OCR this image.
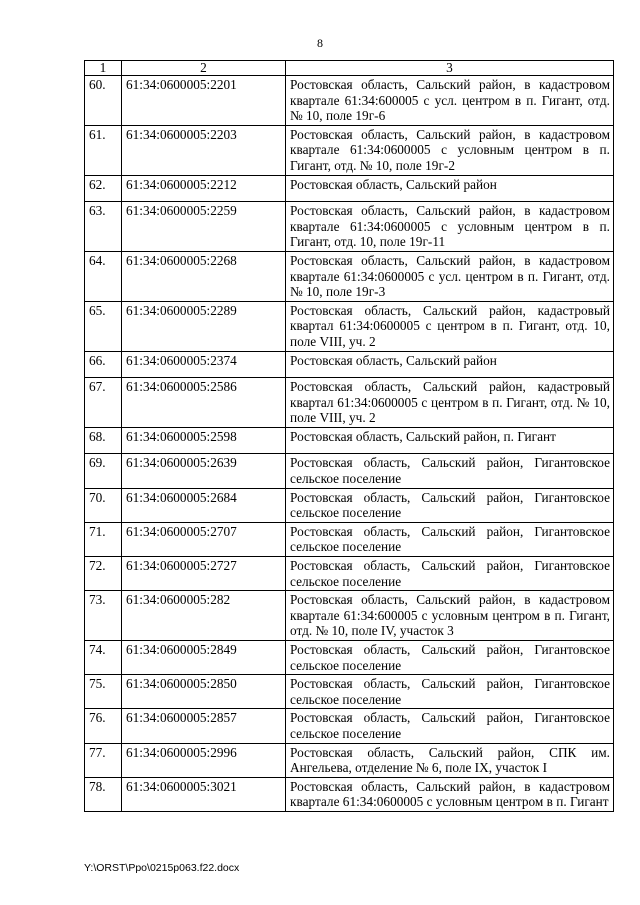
8
1	2	3
60.	61:34:0600005:2201	Ростовская область, Сальский район, в кадастровом квартале 61:34:600005 с усл. центром в п. Гигант, отд. № 10, поле 19г-6
61.	61:34:0600005:2203	Ростовская область, Сальский район, в кадастровом квартале 61:34:0600005 с условным центром в п. Гигант, отд. № 10, поле 19г-2
62.	61:34:0600005:2212	Ростовская область, Сальский район
63.	61:34:0600005:2259	Ростовская область, Сальский район, в кадастровом квартале 61:34:0600005 с условным центром в п. Гигант, отд. 10, поле 19г-11
64.	61:34:0600005:2268	Ростовская область, Сальский район, в кадастровом квартале 61:34:0600005 с усл. центром в п. Гигант, отд. № 10, поле 19г-3
65.	61:34:0600005:2289	Ростовская область, Сальский район, кадастровый квартал 61:34:0600005 с центром в п. Гигант, отд. 10, поле VIII, уч. 2
66.	61:34:0600005:2374	Ростовская область, Сальский район
67.	61:34:0600005:2586	Ростовская область, Сальский район, кадастровый квартал 61:34:0600005 с центром в п. Гигант, отд. № 10, поле VIII, уч. 2
68.	61:34:0600005:2598	Ростовская область, Сальский район, п. Гигант
69.	61:34:0600005:2639	Ростовская область, Сальский район, Гигантовское сельское поселение
70.	61:34:0600005:2684	Ростовская область, Сальский район, Гигантовское сельское поселение
71.	61:34:0600005:2707	Ростовская область, Сальский район, Гигантовское сельское поселение
72.	61:34:0600005:2727	Ростовская область, Сальский район, Гигантовское сельское поселение
73.	61:34:0600005:282	Ростовская область, Сальский район, в кадастровом квартале 61:34:600005 с условным центром в п. Гигант, отд. № 10, поле IV, участок 3
74.	61:34:0600005:2849	Ростовская область, Сальский район, Гигантовское сельское поселение
75.	61:34:0600005:2850	Ростовская область, Сальский район, Гигантовское сельское поселение
76.	61:34:0600005:2857	Ростовская область, Сальский район, Гигантовское сельское поселение
77.	61:34:0600005:2996	Ростовская область, Сальский район, СПК им. Ангельева, отделение № 6, поле IX, участок I
78.	61:34:0600005:3021	Ростовская область, Сальский район, в кадастровом квартале 61:34:0600005 с условным центром в п. Гигант
Y:\ORST\Ppo\0215p063.f22.docx
